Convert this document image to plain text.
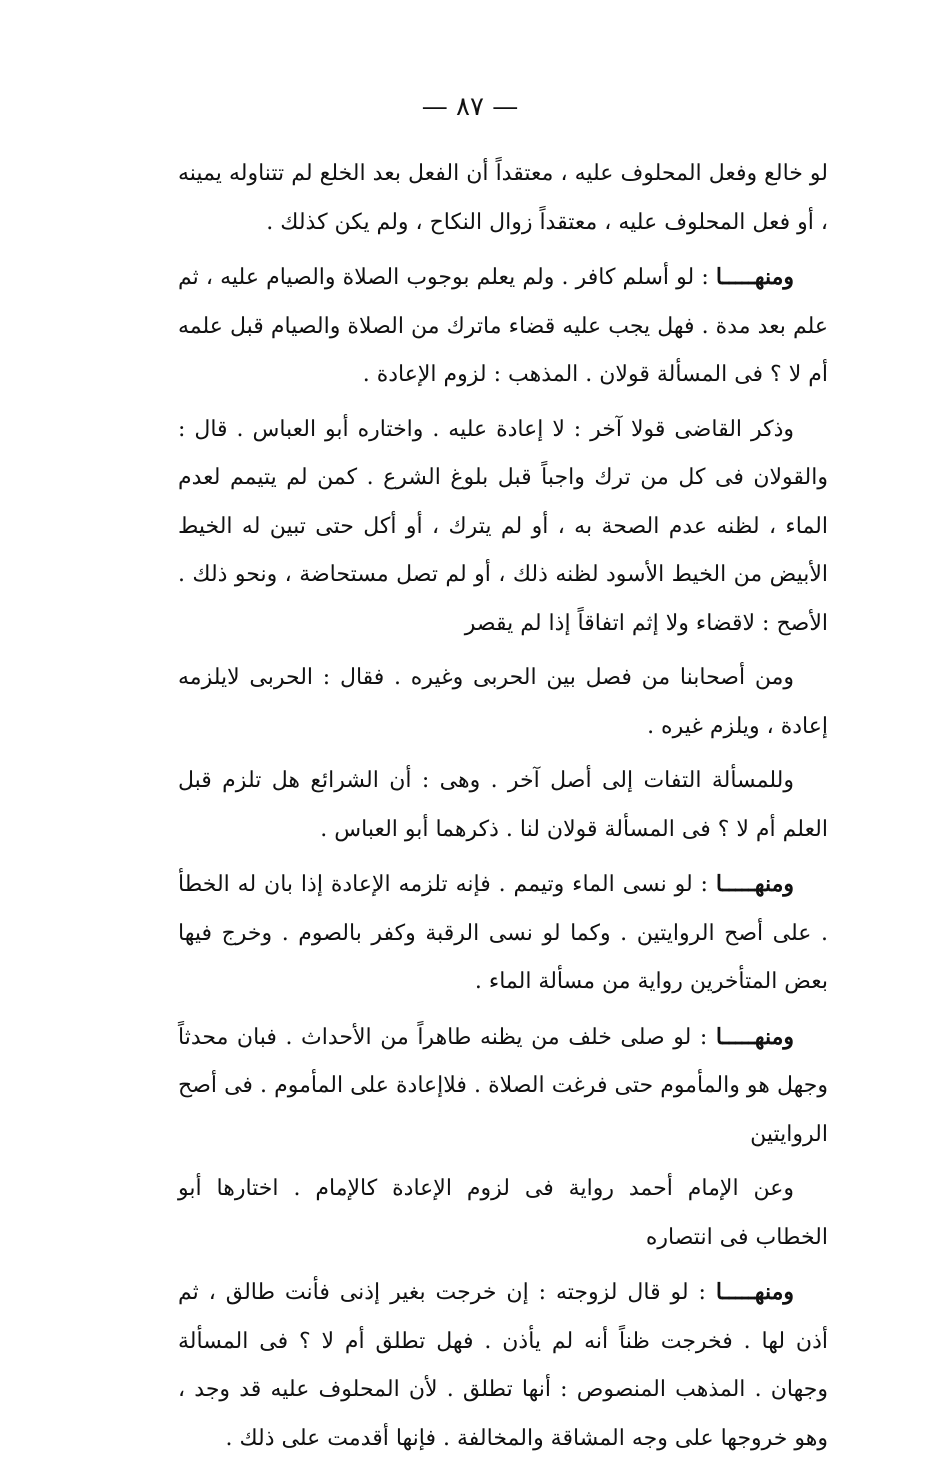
— ٨٧ —

لو خالع وفعل المحلوف عليه ، معتقداً أن الفعل بعد الخلع لم تتناوله يمينه ، أو فعل المحلوف عليه ، معتقداً زوال النكاح ، ولم يكن كذلك .

ومنهـــــا : لو أسلم كافر . ولم يعلم بوجوب الصلاة والصيام عليه ، ثم علم بعد مدة . فهل يجب عليه قضاء ماترك من الصلاة والصيام قبل علمه أم لا ؟ فى المسألة قولان . المذهب : لزوم الإعادة .

وذكر القاضى قولا آخر : لا إعادة عليه . واختاره أبو العباس . قال : والقولان فى كل من ترك واجباً قبل بلوغ الشرع . كمن لم يتيمم لعدم الماء ، لظنه عدم الصحة به ، أو لم يترك ، أو أكل حتى تبين له الخيط الأبيض من الخيط الأسود لظنه ذلك ، أو لم تصل مستحاضة ، ونحو ذلك . الأصح : لاقضاء ولا إثم اتفاقاً إذا لم يقصر

ومن أصحابنا من فصل بين الحربى وغيره . فقال : الحربى لايلزمه إعادة ، ويلزم غيره .

وللمسألة التفات إلى أصل آخر . وهى : أن الشرائع هل تلزم قبل العلم أم لا ؟ فى المسألة قولان لنا . ذكرهما أبو العباس .

ومنهـــــا : لو نسى الماء وتيمم . فإنه تلزمه الإعادة إذا بان له الخطأ . على أصح الروايتين . وكما لو نسى الرقبة وكفر بالصوم . وخرج فيها بعض المتأخرين رواية من مسألة الماء .

ومنهـــــا : لو صلى خلف من يظنه طاهراً من الأحداث . فبان محدثاً وجهل هو والمأموم حتى فرغت الصلاة . فلاإعادة على المأموم . فى أصح الروايتين

وعن الإمام أحمد رواية فى لزوم الإعادة كالإمام . اختارها أبو الخطاب فى انتصاره

ومنهـــــا : لو قال لزوجته : إن خرجت بغير إذنى فأنت طالق ، ثم أذن لها . فخرجت ظناً أنه لم يأذن . فهل تطلق أم لا ؟ فى المسألة وجهان . المذهب المنصوص : أنها تطلق . لأن المحلوف عليه قد وجد ، وهو خروجها على وجه المشاقة والمخالفة . فإنها أقدمت على ذلك .
